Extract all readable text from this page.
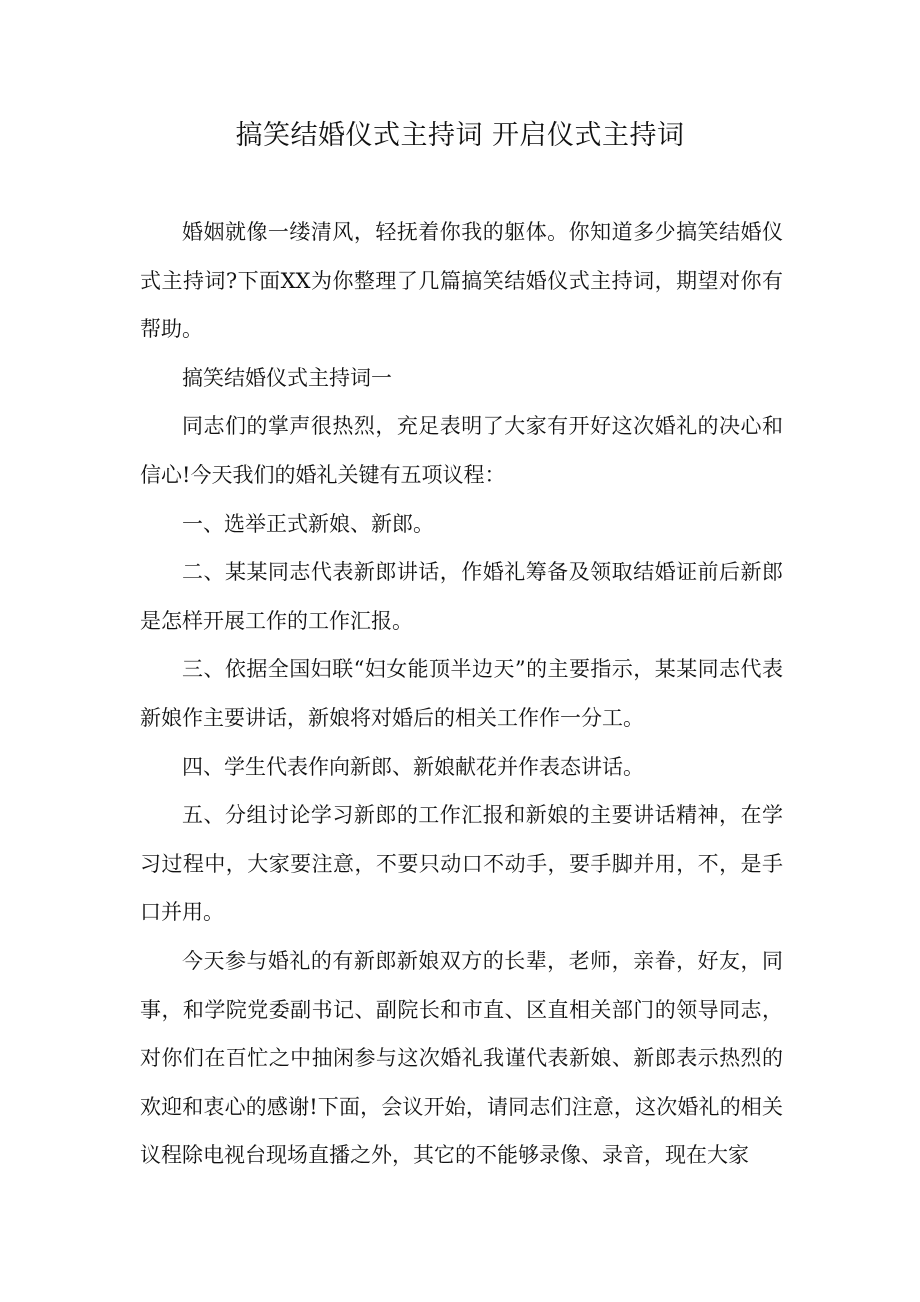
搞笑结婚仪式主持词 开启仪式主持词

婚姻就像一缕清风，轻抚着你我的躯体。你知道多少搞笑结婚仪式主持词?下面XX为你整理了几篇搞笑结婚仪式主持词，期望对你有帮助。

搞笑结婚仪式主持词一

同志们的掌声很热烈，充足表明了大家有开好这次婚礼的决心和信心!今天我们的婚礼关键有五项议程：

一、选举正式新娘、新郎。

二、某某同志代表新郎讲话，作婚礼筹备及领取结婚证前后新郎是怎样开展工作的工作汇报。

三、依据全国妇联“妇女能顶半边天”的主要指示，某某同志代表新娘作主要讲话，新娘将对婚后的相关工作作一分工。

四、学生代表作向新郎、新娘献花并作表态讲话。

五、分组讨论学习新郎的工作汇报和新娘的主要讲话精神，在学习过程中，大家要注意，不要只动口不动手，要手脚并用，不，是手口并用。

今天参与婚礼的有新郎新娘双方的长辈，老师，亲眷，好友，同事，和学院党委副书记、副院长和市直、区直相关部门的领导同志，对你们在百忙之中抽闲参与这次婚礼我谨代表新娘、新郎表示热烈的欢迎和衷心的感谢!下面，会议开始，请同志们注意，这次婚礼的相关议程除电视台现场直播之外，其它的不能够录像、录音，现在大家
